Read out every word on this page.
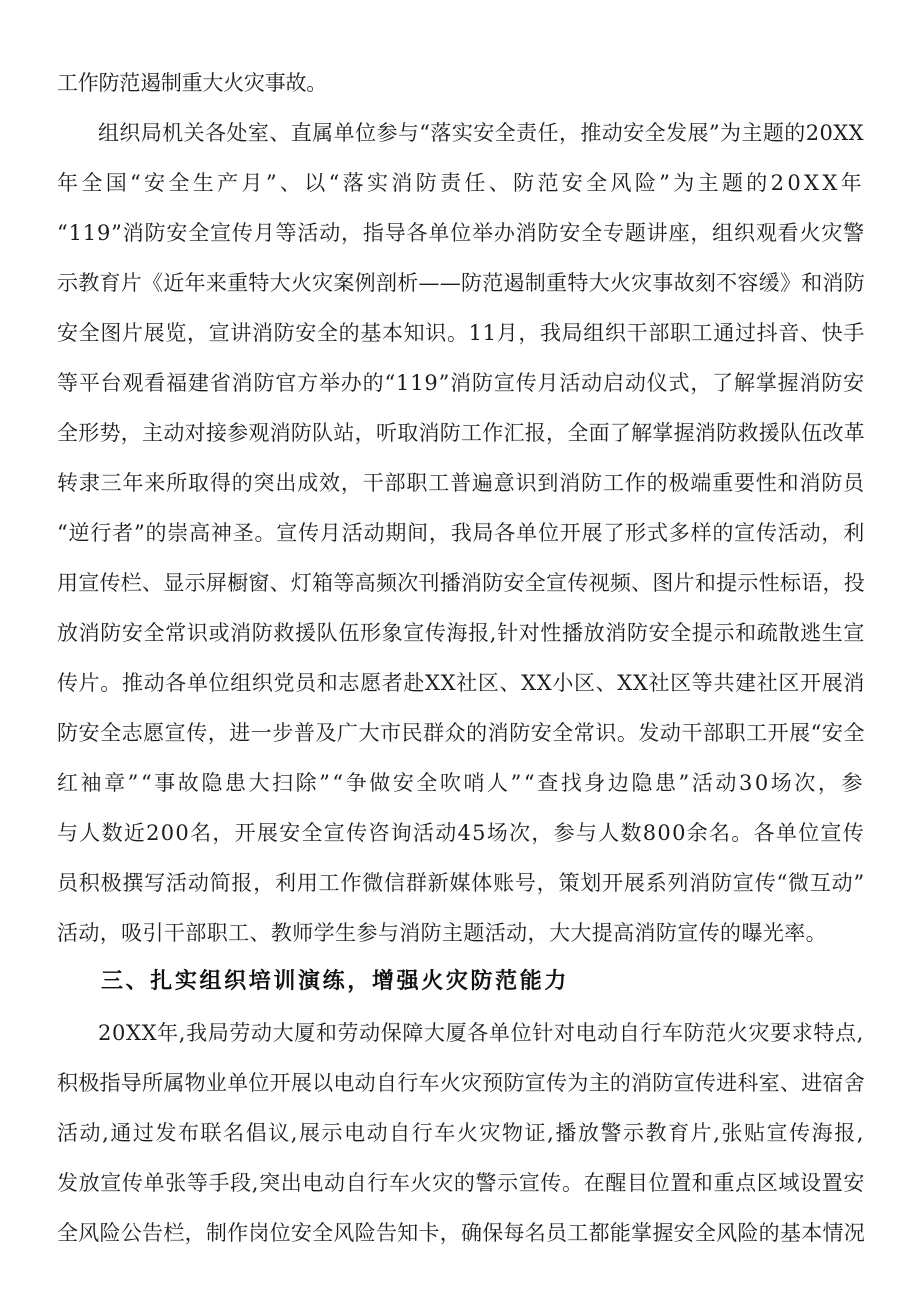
工作防范遏制重大火灾事故。
组织局机关各处室、直属单位参与“落实安全责任，推动安全发展”为主题的20XX
年全国“安全生产月”、以“落实消防责任、防范安全风险”为主题的20XX年
“119”消防安全宣传月等活动，指导各单位举办消防安全专题讲座，组织观看火灾警
示教育片《近年来重特大火灾案例剖析——防范遏制重特大火灾事故刻不容缓》和消防
安全图片展览，宣讲消防安全的基本知识。11月，我局组织干部职工通过抖音、快手
等平台观看福建省消防官方举办的“119”消防宣传月活动启动仪式，了解掌握消防安
全形势，主动对接参观消防队站，听取消防工作汇报，全面了解掌握消防救援队伍改革
转隶三年来所取得的突出成效，干部职工普遍意识到消防工作的极端重要性和消防员
“逆行者”的崇高神圣。宣传月活动期间，我局各单位开展了形式多样的宣传活动，利
用宣传栏、显示屏橱窗、灯箱等高频次刊播消防安全宣传视频、图片和提示性标语，投
放消防安全常识或消防救援队伍形象宣传海报,针对性播放消防安全提示和疏散逃生宣
传片。推动各单位组织党员和志愿者赴XX社区、XX小区、XX社区等共建社区开展消
防安全志愿宣传，进一步普及广大市民群众的消防安全常识。发动干部职工开展“安全
红袖章”“事故隐患大扫除”“争做安全吹哨人”“查找身边隐患”活动30场次，参
与人数近200名，开展安全宣传咨询活动45场次，参与人数800余名。各单位宣传
员积极撰写活动简报，利用工作微信群新媒体账号，策划开展系列消防宣传“微互动”
活动，吸引干部职工、教师学生参与消防主题活动，大大提高消防宣传的曝光率。
三、扎实组织培训演练，增强火灾防范能力
20XX年,我局劳动大厦和劳动保障大厦各单位针对电动自行车防范火灾要求特点,
积极指导所属物业单位开展以电动自行车火灾预防宣传为主的消防宣传进科室、进宿舍
活动,通过发布联名倡议,展示电动自行车火灾物证,播放警示教育片,张贴宣传海报,
发放宣传单张等手段,突出电动自行车火灾的警示宣传。在醒目位置和重点区域设置安
全风险公告栏，制作岗位安全风险告知卡，确保每名员工都能掌握安全风险的基本情况
